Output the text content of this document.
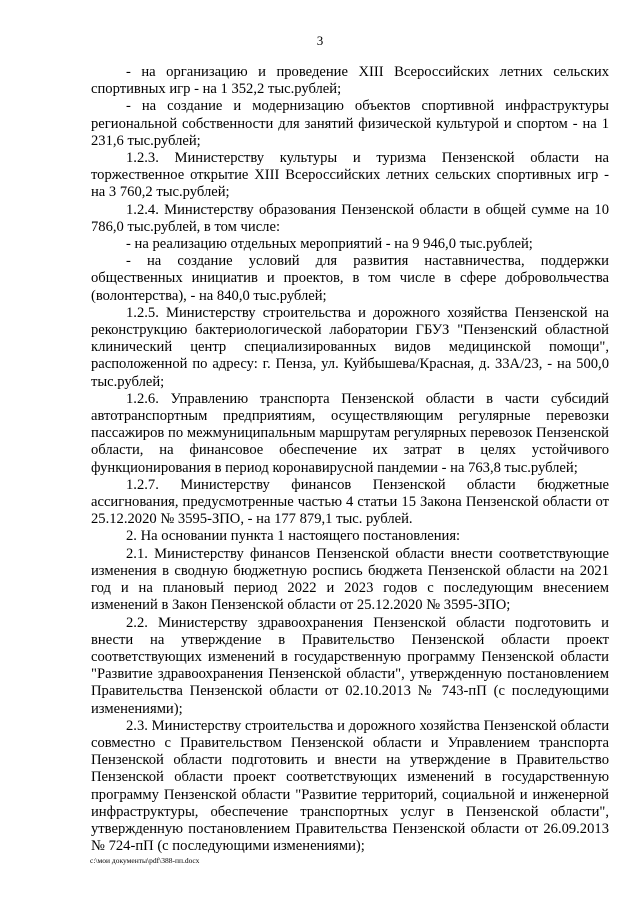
3

- на организацию и проведение XIII Всероссийских летних сельских спортивных игр - на 1 352,2 тыс.рублей;

- на создание и модернизацию объектов спортивной инфраструктуры региональной собственности для занятий физической культурой и спортом - на 1 231,6 тыс.рублей;

1.2.3. Министерству культуры и туризма Пензенской области на торжественное открытие XIII Всероссийских летних сельских спортивных игр - на 3 760,2 тыс.рублей;

1.2.4. Министерству образования Пензенской области в общей сумме на 10 786,0 тыс.рублей, в том числе:

- на реализацию отдельных мероприятий - на 9 946,0 тыс.рублей;

- на создание условий для развития наставничества, поддержки общественных инициатив и проектов, в том числе в сфере добровольчества (волонтерства), - на 840,0 тыс.рублей;

1.2.5. Министерству строительства и дорожного хозяйства Пензенской на реконструкцию бактериологической лаборатории ГБУЗ "Пензенский областной клинический центр специализированных видов медицинской помощи", расположенной по адресу: г. Пенза, ул. Куйбышева/Красная, д. 33А/23, - на 500,0 тыс.рублей;

1.2.6. Управлению транспорта Пензенской области в части субсидий автотранспортным предприятиям, осуществляющим регулярные перевозки пассажиров по межмуниципальным маршрутам регулярных перевозок Пензенской области, на финансовое обеспечение их затрат в целях устойчивого функционирования в период коронавирусной пандемии - на 763,8 тыс.рублей;

1.2.7. Министерству финансов Пензенской области бюджетные ассигнования, предусмотренные частью 4 статьи 15 Закона Пензенской области от 25.12.2020 № 3595-ЗПО, - на 177 879,1 тыс. рублей.

2. На основании пункта 1 настоящего постановления:

2.1. Министерству финансов Пензенской области внести соответствующие изменения в сводную бюджетную роспись бюджета Пензенской области на 2021 год и на плановый период 2022 и 2023 годов с последующим внесением изменений в Закон Пензенской области от 25.12.2020 № 3595-ЗПО;

2.2. Министерству здравоохранения Пензенской области подготовить и внести на утверждение в Правительство Пензенской области проект соответствующих изменений в государственную программу Пензенской области "Развитие здравоохранения Пензенской области", утвержденную постановлением Правительства Пензенской области от 02.10.2013 № 743-пП (с последующими изменениями);

2.3. Министерству строительства и дорожного хозяйства Пензенской области совместно с Правительством Пензенской области и Управлением транспорта Пензенской области подготовить и внести на утверждение в Правительство Пензенской области проект соответствующих изменений в государственную программу Пензенской области "Развитие территорий, социальной и инженерной инфраструктуры, обеспечение транспортных услуг в Пензенской области", утвержденную постановлением Правительства Пензенской области от 26.09.2013 № 724-пП (с последующими изменениями);

c:\мои документы\pdf\388-пп.docx
